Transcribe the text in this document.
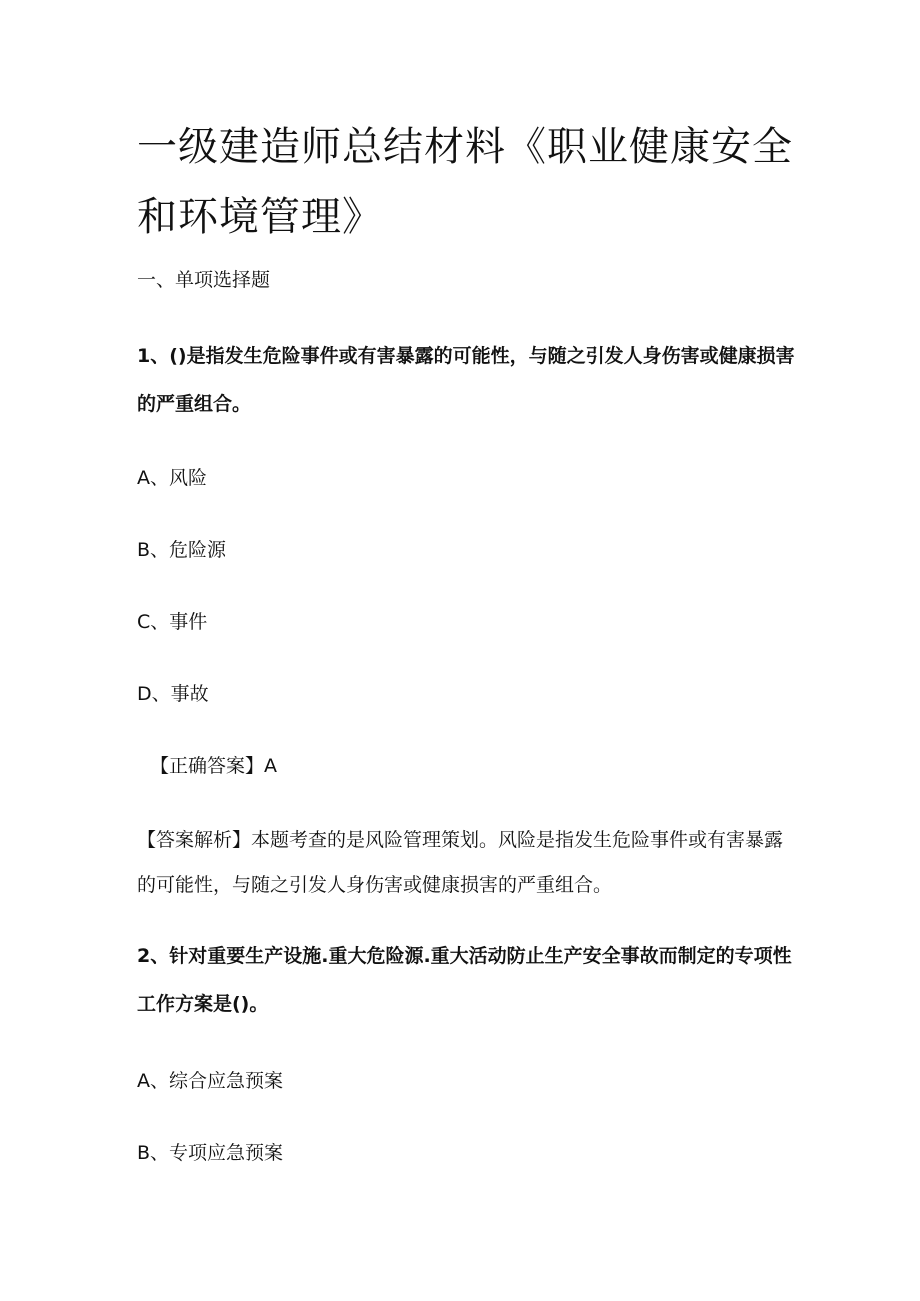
一级建造师总结材料《职业健康安全和环境管理》

一、单项选择题

1、()是指发生危险事件或有害暴露的可能性，与随之引发人身伤害或健康损害的严重组合。

A、风险

B、危险源

C、事件

D、事故

【正确答案】A

【答案解析】本题考查的是风险管理策划。风险是指发生危险事件或有害暴露的可能性，与随之引发人身伤害或健康损害的严重组合。

2、针对重要生产设施.重大危险源.重大活动防止生产安全事故而制定的专项性工作方案是()。

A、综合应急预案

B、专项应急预案
